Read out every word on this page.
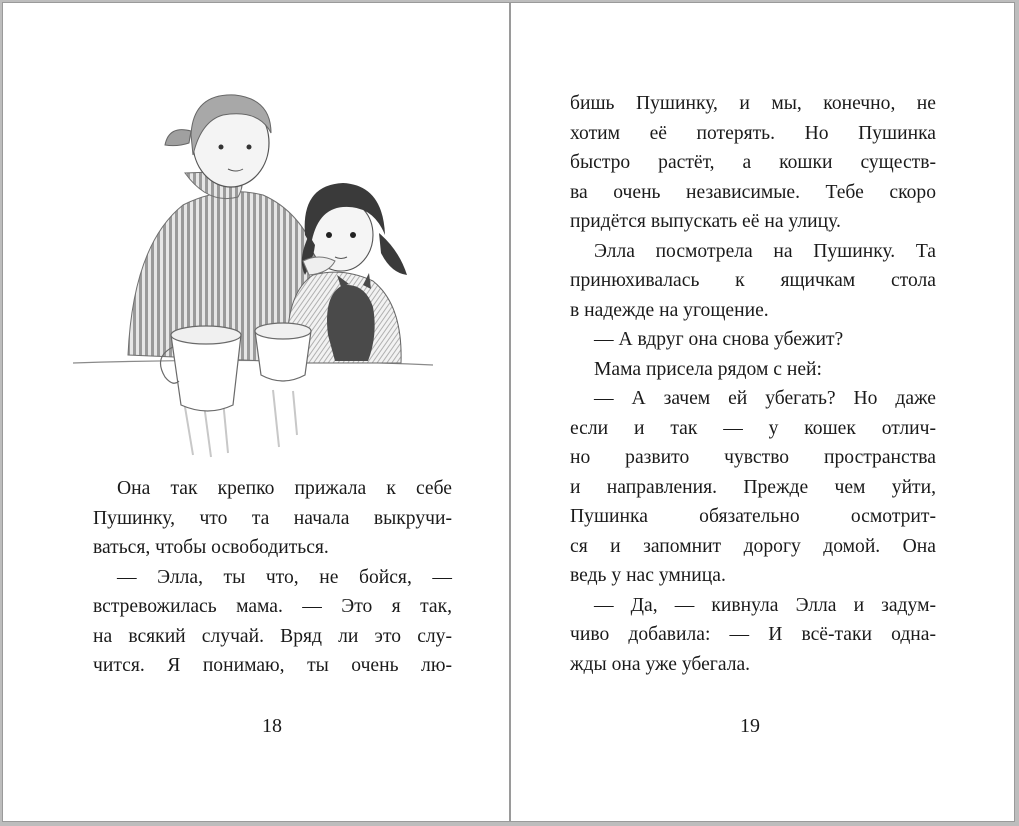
Она так крепко прижала к себе
Пушинку, что та начала выкручи-
ваться, чтобы освободиться.
— Элла, ты что, не бойся, —
встревожилась мама. — Это я так,
на всякий случай. Вряд ли это слу-
чится. Я понимаю, ты очень лю-
18
бишь Пушинку, и мы, конечно, не
хотим её потерять. Но Пушинка
быстро растёт, а кошки существ-
ва очень независимые. Тебе скоро
придётся выпускать её на улицу.
Элла посмотрела на Пушинку. Та
принюхивалась к ящичкам стола
в надежде на угощение.
— А вдруг она снова убежит?
Мама присела рядом с ней:
— А зачем ей убегать? Но даже
если и так — у кошек отлич-
но развито чувство пространства
и направления. Прежде чем уйти,
Пушинка обязательно осмотрит-
ся и запомнит дорогу домой. Она
ведь у нас умница.
— Да, — кивнула Элла и задум-
чиво добавила: — И всё-таки одна-
жды она уже убегала.
19
